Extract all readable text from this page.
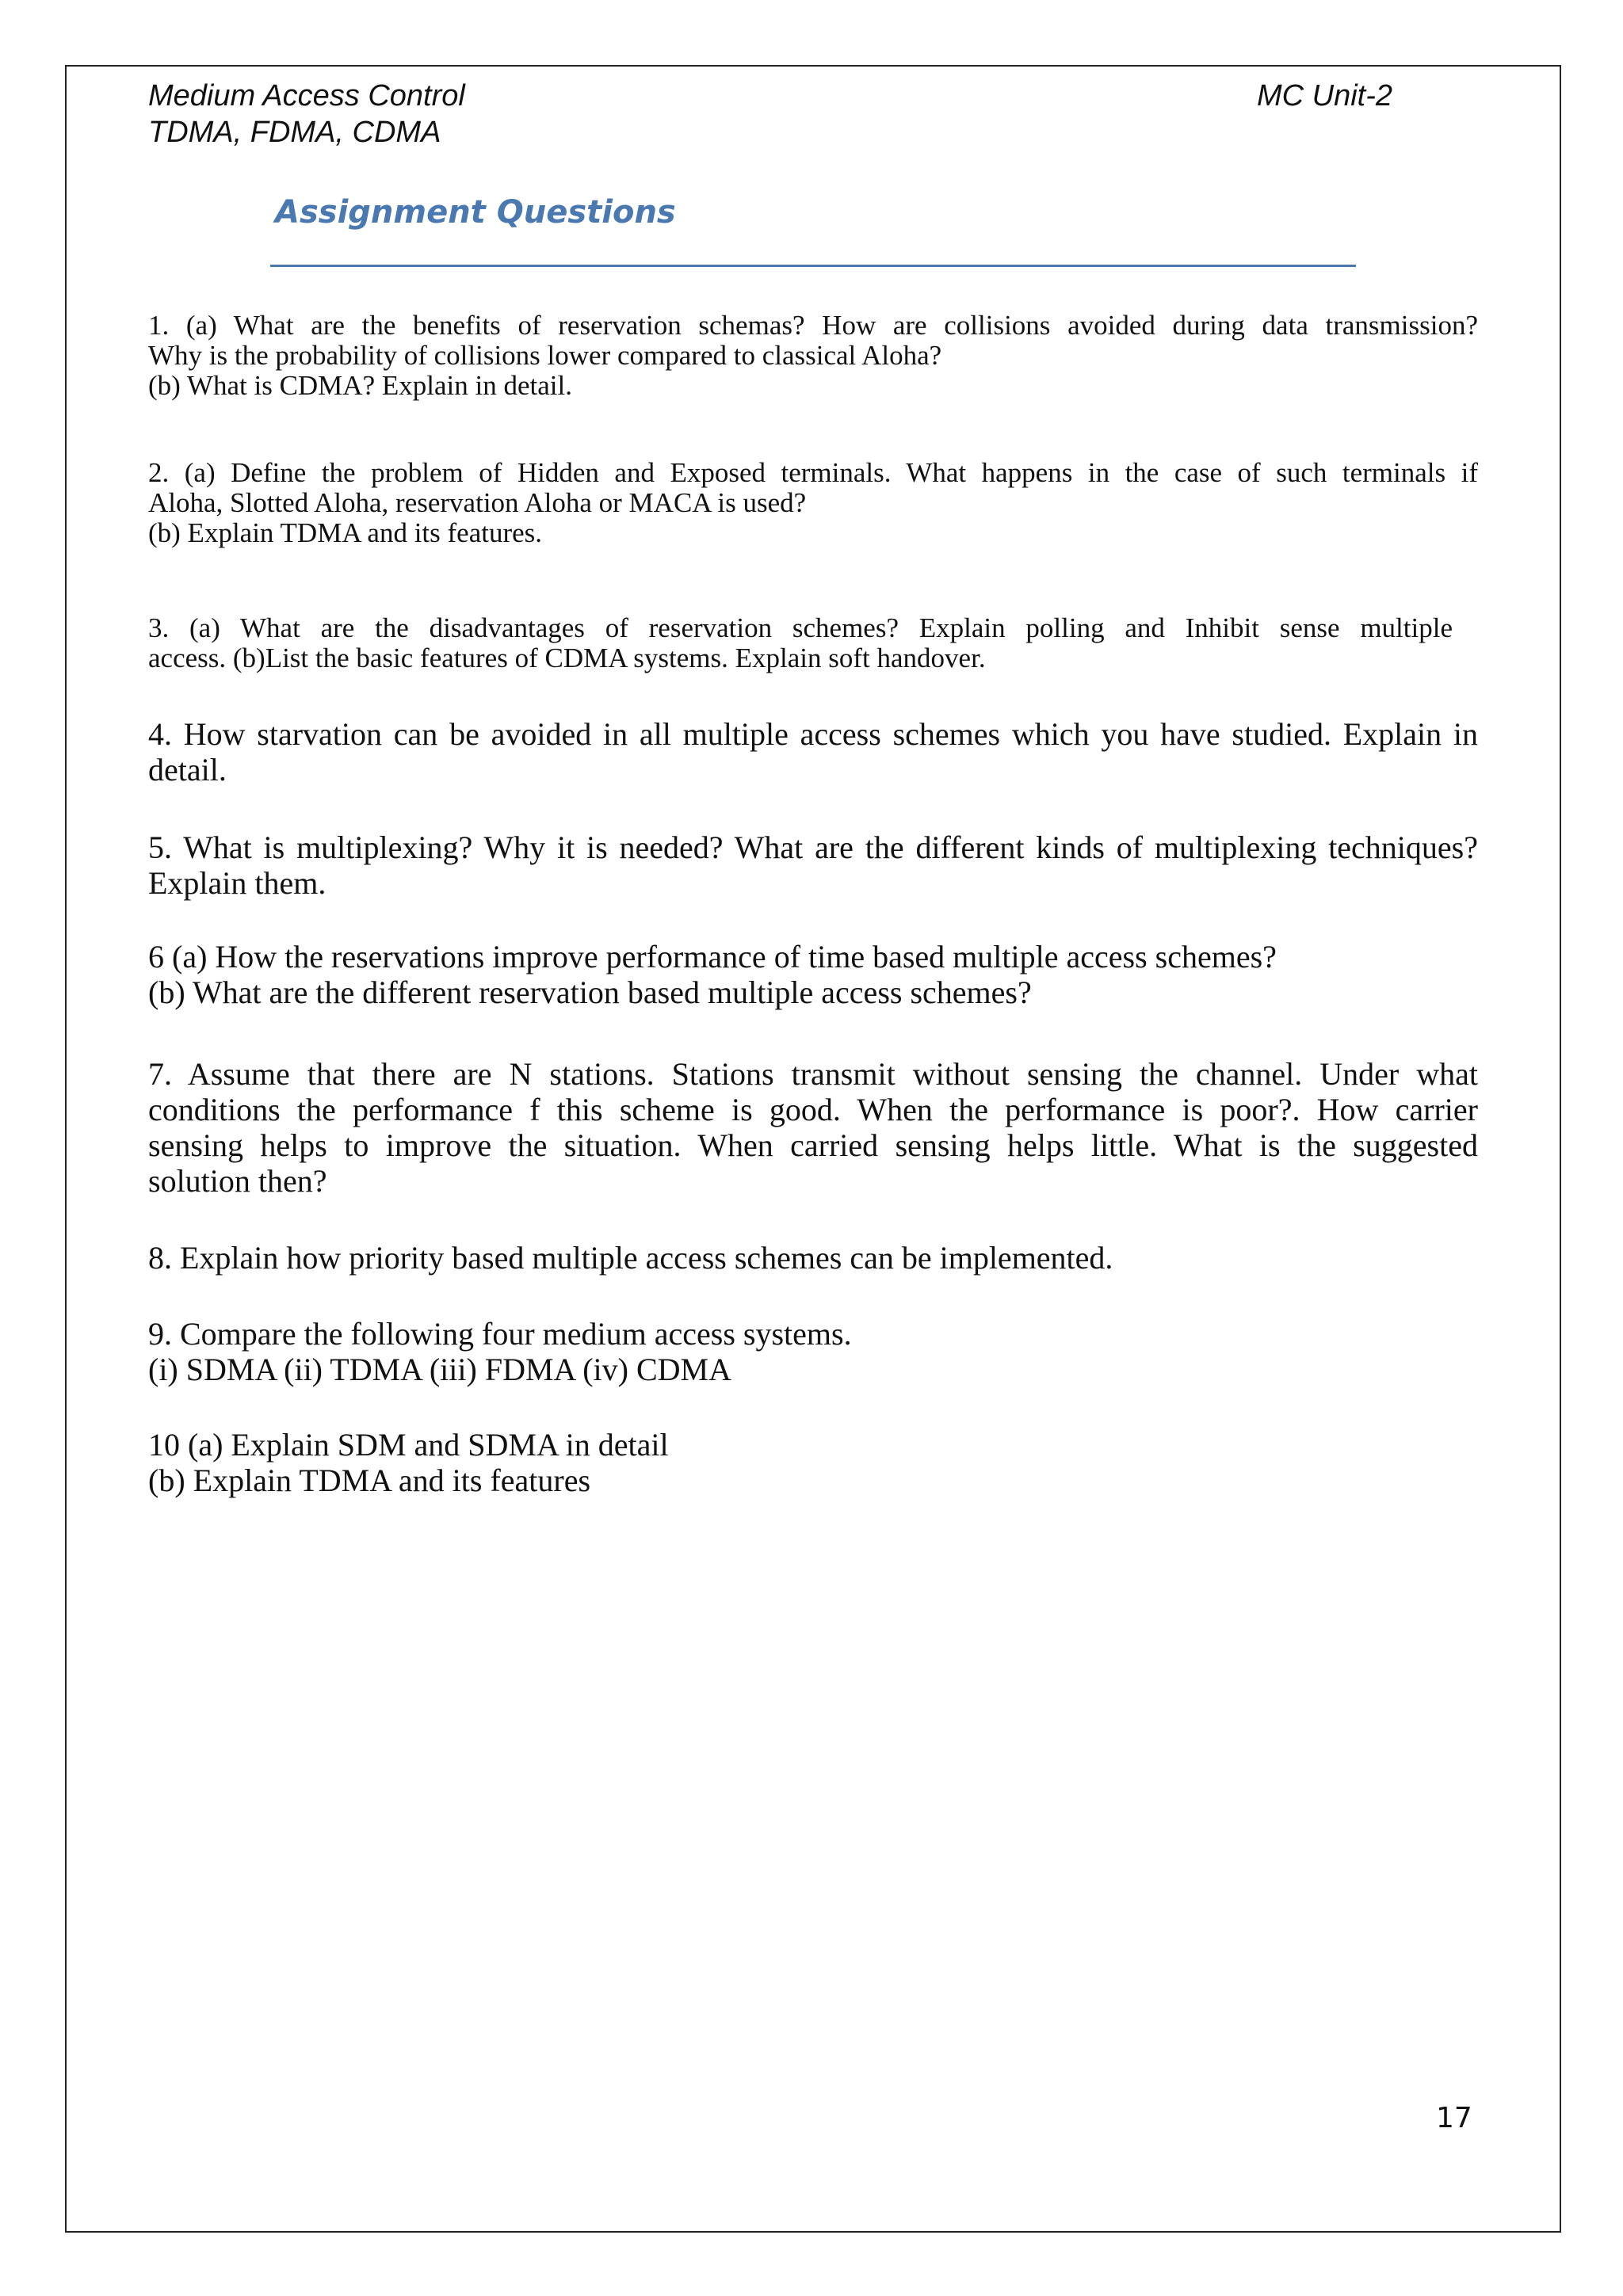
Medium Access Control
TDMA, FDMA, CDMA
MC Unit-2
Assignment Questions
1. (a) What are the benefits of reservation schemas? How are collisions avoided during data transmission?
Why is the probability of collisions lower compared to classical Aloha?
(b) What is CDMA? Explain in detail.
2. (a) Define the problem of Hidden and Exposed terminals. What happens in the case of such terminals if
Aloha, Slotted Aloha, reservation Aloha or MACA is used?
(b) Explain TDMA and its features.
3. (a) What are the disadvantages of reservation schemes? Explain polling and Inhibit sense multiple
access. (b)List the basic features of CDMA systems. Explain soft handover.
4. How starvation can be avoided in all multiple access schemes which you have studied. Explain in
detail.
5. What is multiplexing? Why it is needed? What are the different kinds of multiplexing techniques?
Explain them.
6 (a) How the reservations improve performance of time based multiple access schemes?
(b) What are the different reservation based multiple access schemes?
7. Assume that there are N stations. Stations transmit without sensing the channel. Under what
conditions the performance f this scheme is good. When the performance is poor?. How carrier
sensing helps to improve the situation. When carried sensing helps little. What is the suggested
solution then?
8. Explain how priority based multiple access schemes can be implemented.
9. Compare the following four medium access systems.
(i) SDMA (ii) TDMA (iii) FDMA (iv) CDMA
10 (a) Explain SDM and SDMA in detail
(b) Explain TDMA and its features
17
